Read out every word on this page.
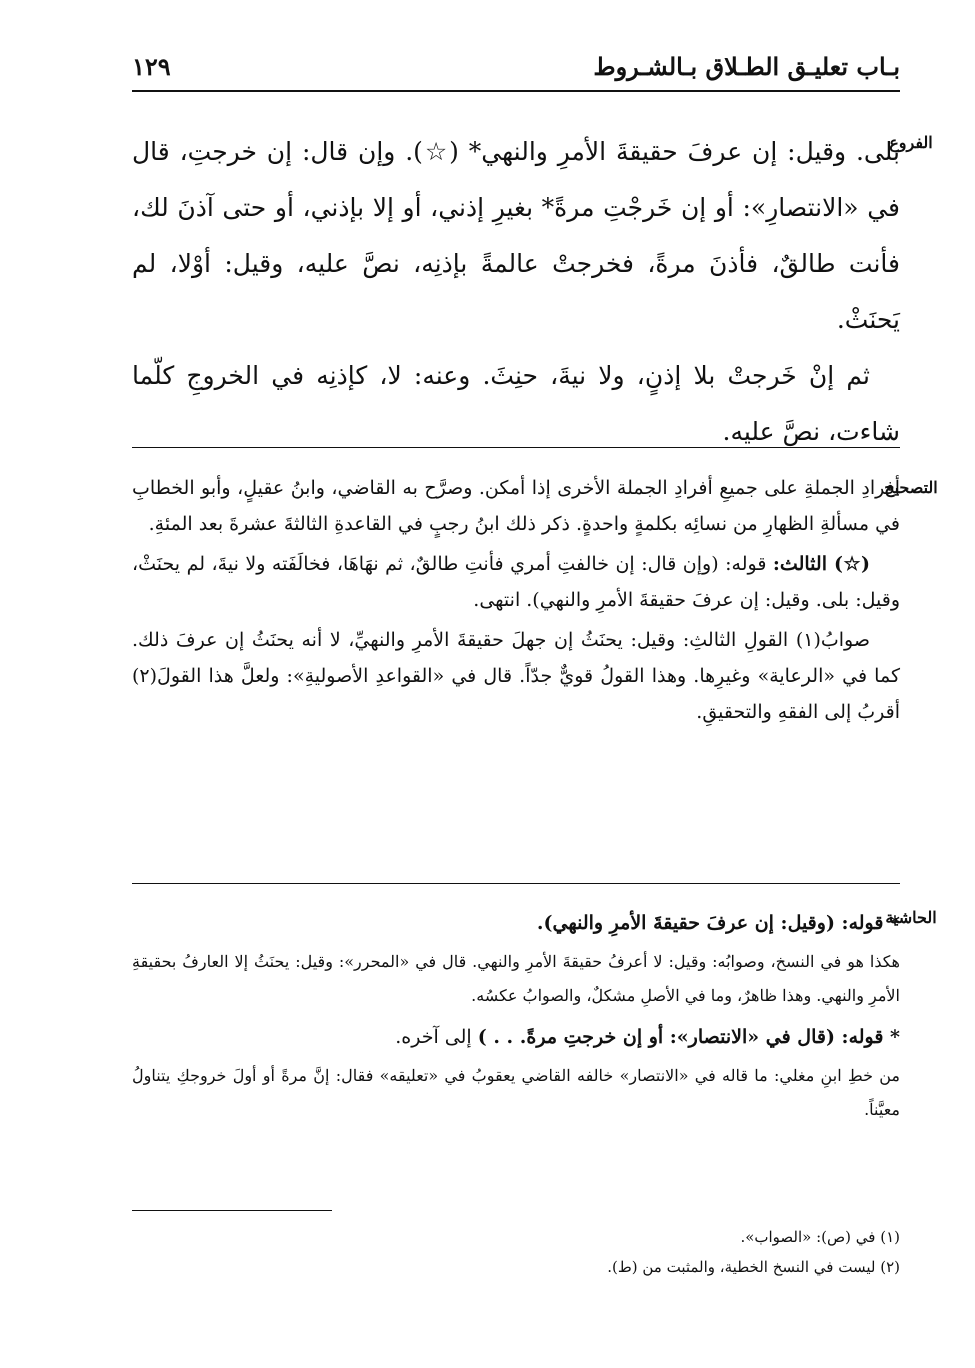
بـاب تعليـق الطـلاق بـالشـروط
١٢٩
الفروع

بلى. وقيل: إن عرفَ حقيقةَ الأمرِ والنهي* (☆). وإن قال: إن خرجتِ، قال في «الانتصارِ»: أو إن خَرجْتِ مرةً* بغيرِ إذني، أو إلا بإذني، أو حتى آذنَ لك، فأنت طالقٌ، فأذنَ مرةً، فخرجتْ عالمةً بإذنِه، نصَّ عليه، وقيل: أوْلا، لم يَحنَثْ.

ثم إنْ خَرجتْ بلا إذنٍ، ولا نيةَ، حنِثَ. وعنه: لا، كإذنِه في الخروجِ كلّما شاءت، نصَّ عليه.

التصحيح

أفرادِ الجملةِ على جميعِ أفرادِ الجملة الأخرى إذا أمكن. وصرَّح به القاضي، وابنُ عقيلٍ، وأبو الخطابِ في مسألةِ الظهارِ من نسائِه بكلمةٍ واحدةٍ. ذكر ذلك ابنُ رجبٍ في القاعدةِ الثالثةَ عشرةَ بعد المئةِ.

(☆) الثالث: قوله: (وإن قال: إن خالفتِ أمري فأنتِ طالقٌ، ثم نهَاهَا، فخالَفَته ولا نيةَ، لم يحنَثْ، وقيل: بلى. وقيل: إن عرفَ حقيقةَ الأمرِ والنهي). انتهى.

صوابُ(١) القولِ الثالثِ: وقيل: يحنَثُ إن جهلَ حقيقةَ الأمرِ والنهيِّ، لا أنه يحنَثُ إن عرفَ ذلك. كما في «الرعاية» وغيرِها. وهذا القولُ قويٌّ جدّاً. قال في «القواعدِ الأصوليةِ»: ولعلَّ هذا القولَ(٢) أقربُ إلى الفقهِ والتحقيقِ.

الحاشية

* قوله: (وقيل: إن عرفَ حقيقةَ الأمرِ والنهي).

هكذا هو في النسخ، وصوابُه: وقيل: لا أعرفُ حقيقةَ الأمرِ والنهي. قال في «المحرر»: وقيل: يحنَثُ إلا العارفُ بحقيقةِ الأمرِ والنهي. وهذا ظاهرٌ، وما في الأصلِ مشكلٌ، والصوابُ عكسُه.

* قوله: (قال في «الانتصار»: أو إن خرجتِ مرةً. . . ) إلى آخره.

من خطِ ابنِ مغلي: ما قاله في «الانتصار» خالفه القاضي يعقوبُ في «تعليقه» فقال: إنَّ مرةً أو أولَ خروجكِ يتناولُ معيَّناً.

(١) في (ص): «الصواب».

(٢) ليست في النسخ الخطية، والمثبت من (ط).
